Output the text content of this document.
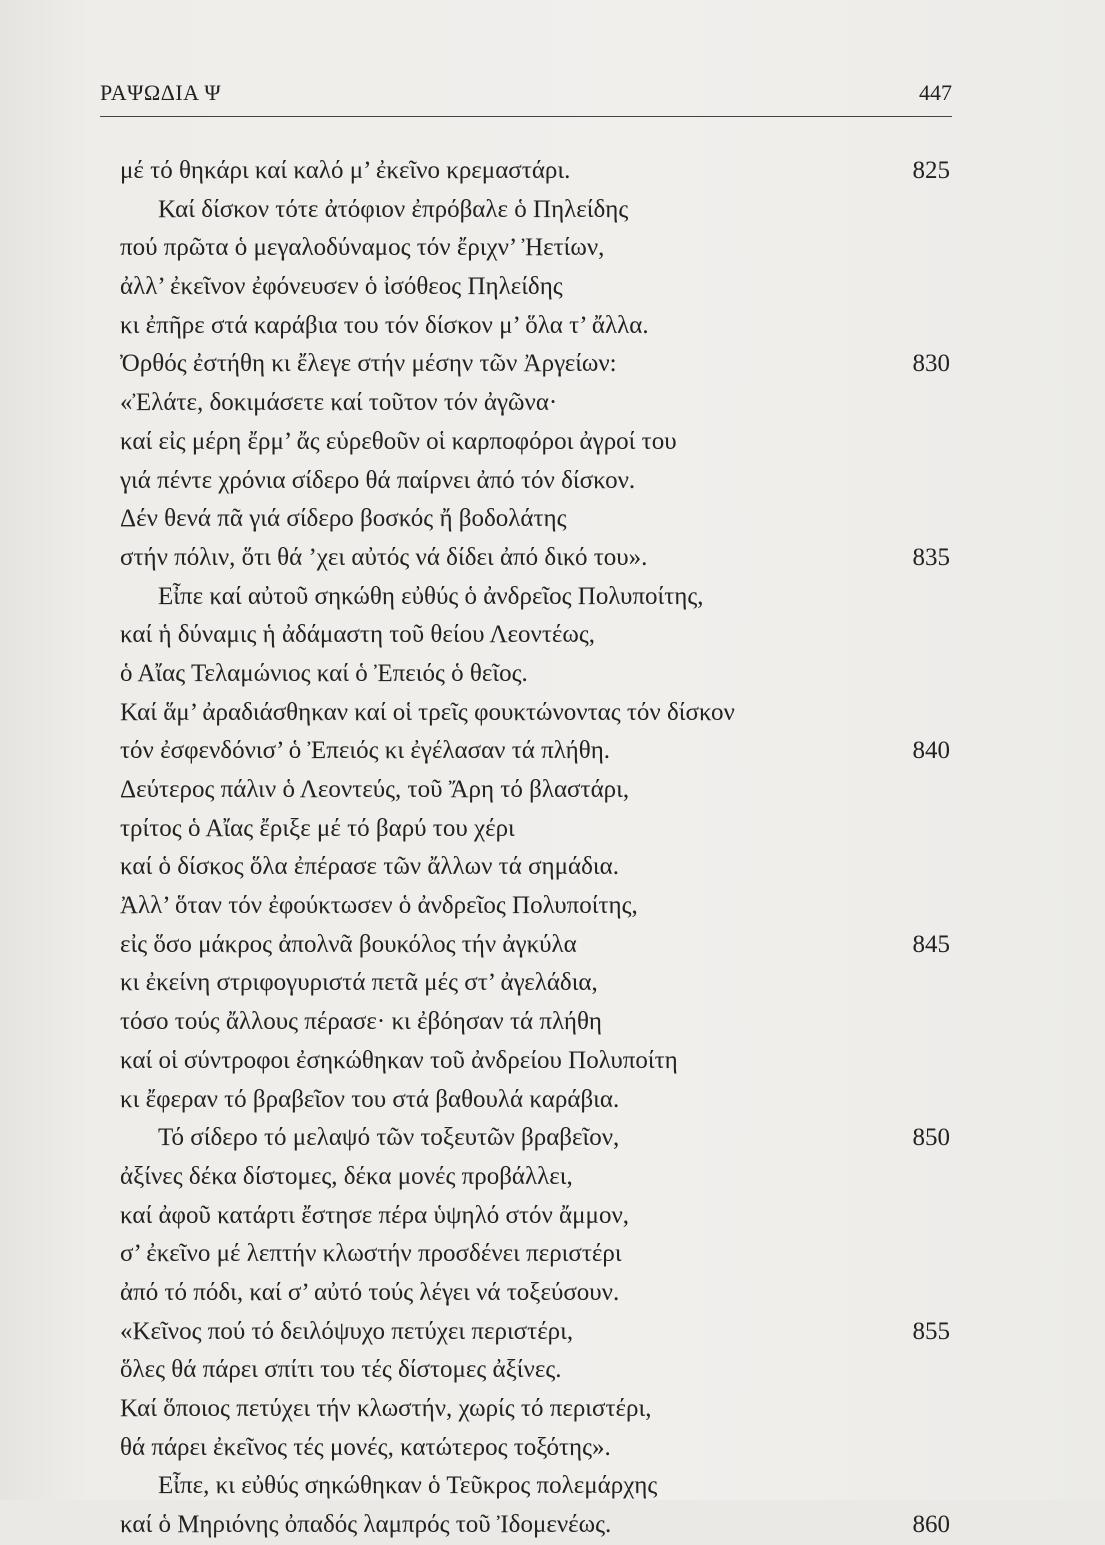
ΡΑΨΩΔΙΑ Ψ	447
μέ τό θηκάρι καί καλό μ’ ἐκεῖνο κρεμαστάρι.	825
Καί δίσκον τότε ἀτόφιον ἐπρόβαλε ὁ Πηλείδης
πού πρῶτα ὁ μεγαλοδύναμος τόν ἔριχν’ Ἠετίων,
ἀλλ’ ἐκεῖνον ἐφόνευσεν ὁ ἰσόθεος Πηλείδης
κι ἐπῆρε στά καράβια του τόν δίσκον μ’ ὅλα τ’ ἄλλα.
Ὀρθός ἐστήθη κι ἔλεγε στήν μέσην τῶν Ἀργείων:	830
«Ἐλάτε, δοκιμάσετε καί τοῦτον τόν ἀγῶνα·
καί εἰς μέρη ἔρμ’ ἄς εὑρεθοῦν οἱ καρποφόροι ἀγροί του
γιά πέντε χρόνια σίδερο θά παίρνει ἀπό τόν δίσκον.
Δέν θενά πᾶ γιά σίδερο βοσκός ἤ βοδολάτης
στήν πόλιν, ὅτι θά ’χει αὐτός νά δίδει ἀπό δικό του».	835
Εἶπε καί αὐτοῦ σηκώθη εὐθύς ὁ ἀνδρεῖος Πολυποίτης,
καί ἡ δύναμις ἡ ἀδάμαστη τοῦ θείου Λεοντέως,
ὁ Αἴας Τελαμώνιος καί ὁ Ἐπειός ὁ θεῖος.
Καί ἅμ’ ἀραδιάσθηκαν καί οἱ τρεῖς φουκτώνοντας τόν δίσκον
τόν ἐσφενδόνισ’ ὁ Ἐπειός κι ἐγέλασαν τά πλήθη.	840
Δεύτερος πάλιν ὁ Λεοντεύς, τοῦ Ἄρη τό βλαστάρι,
τρίτος ὁ Αἴας ἔριξε μέ τό βαρύ του χέρι
καί ὁ δίσκος ὅλα ἐπέρασε τῶν ἄλλων τά σημάδια.
Ἀλλ’ ὅταν τόν ἐφούκτωσεν ὁ ἀνδρεῖος Πολυποίτης,
εἰς ὅσο μάκρος ἀπολνᾶ βουκόλος τήν ἀγκύλα	845
κι ἐκείνη στριφογυριστά πετᾶ μές στ’ ἀγελάδια,
τόσο τούς ἄλλους πέρασε· κι ἐβόησαν τά πλήθη
καί οἱ σύντροφοι ἐσηκώθηκαν τοῦ ἀνδρείου Πολυποίτη
κι ἔφεραν τό βραβεῖον του στά βαθουλά καράβια.
Τό σίδερο τό μελαψό τῶν τοξευτῶν βραβεῖον,	850
ἀξίνες δέκα δίστομες, δέκα μονές προβάλλει,
καί ἀφοῦ κατάρτι ἔστησε πέρα ὑψηλό στόν ἄμμον,
σ’ ἐκεῖνο μέ λεπτήν κλωστήν προσδένει περιστέρι
ἀπό τό πόδι, καί σ’ αὐτό τούς λέγει νά τοξεύσουν.
«Κεῖνος πού τό δειλόψυχο πετύχει περιστέρι,	855
ὅλες θά πάρει σπίτι του τές δίστομες ἀξίνες.
Καί ὅποιος πετύχει τήν κλωστήν, χωρίς τό περιστέρι,
θά πάρει ἐκεῖνος τές μονές, κατώτερος τοξότης».
Εἶπε, κι εὐθύς σηκώθηκαν ὁ Τεῦκρος πολεμάρχης
καί ὁ Μηριόνης ὀπαδός λαμπρός τοῦ Ἰδομενέως.	860
